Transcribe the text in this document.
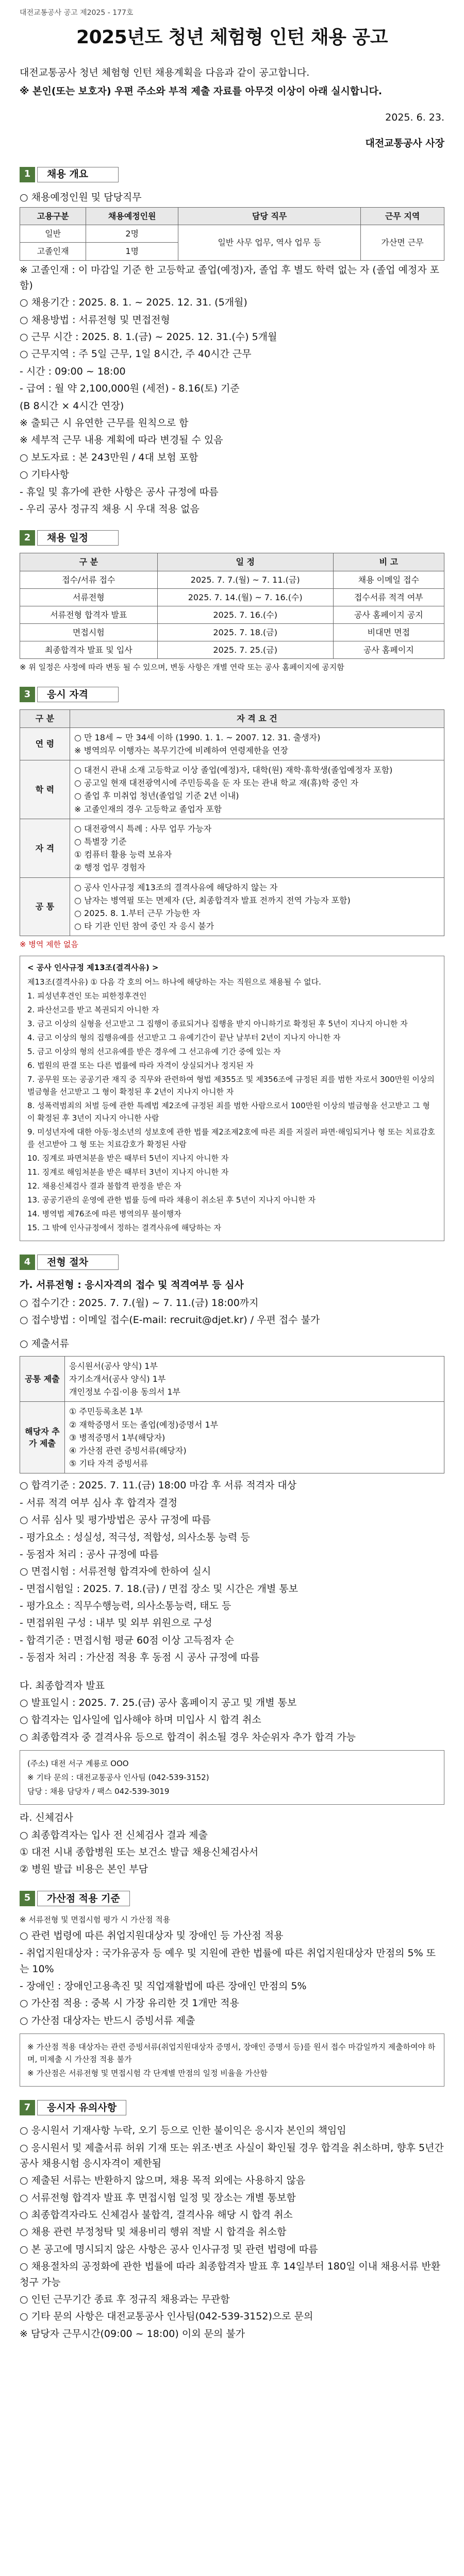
대전교통공사 공고 제2025 - 177호
2025년도 청년 체험형 인턴 채용 공고

대전교통공사 청년 체험형 인턴 채용계획을 다음과 같이 공고합니다.

※ 본인(또는 보호자) 우편 주소와 부적 제출 자료를 아무것 이상이 아래 실시합니다.

2025. 6. 23.
대전교통공사 사장
1	채용 개요

○ 채용예정인원 및 담당직무

고용구분	채용예정인원	담당 직무	근무 지역
일반	2명	일반 사무 업무, 역사 업무 등	가산면 근무
고졸인재	1명		
※ 고졸인재 : 이 마감일 기준 한 고등학교 졸업(예정)자, 졸업 후 별도 학력 없는 자 (졸업 예정자 포함)
○ 채용기간 : 2025. 8. 1. ~ 2025. 12. 31. (5개월)
○ 채용방법 : 서류전형 및 면접전형
○ 근무 시간 : 2025. 8. 1.(금) ~ 2025. 12. 31.(수) 5개월
○ 근무지역 : 주 5일 근무, 1일 8시간, 주 40시간 근무
- 시간 : 09:00 ~ 18:00
- 급여 : 월 약 2,100,000원 (세전) - 8.16(토) 기준
(B 8시간 × 4시간 연장)
※ 출퇴근 시 유연한 근무를 원칙으로 함
※ 세부적 근무 내용 계획에 따라 변경될 수 있음
○ 보도자료 : 본 243만원 / 4대 보험 포함
○ 기타사항
- 휴일 및 휴가에 관한 사항은 공사 규정에 따름
- 우리 공사 정규직 채용 시 우대 적용 없음
2	채용 일정
구 분	일 정	비 고
접수/서류 접수	2025. 7. 7.(월) ~ 7. 11.(금)	채용 이메일 접수
서류전형	2025. 7. 14.(월) ~ 7. 16.(수)	접수서류 적격 여부
서류전형 합격자 발표	2025. 7. 16.(수)	공사 홈페이지 공지
면접시험	2025. 7. 18.(금)	비대면 면접
최종합격자 발표 및 입사	2025. 7. 25.(금)	공사 홈페이지

※ 위 일정은 사정에 따라 변동 될 수 있으며, 변동 사항은 개별 연락 또는 공사 홈페이지에 공지함

3	응시 자격
구 분	자 격 요 건
연 령	○ 만 18세 ~ 만 34세 이하 (1990. 1. 1. ~ 2007. 12. 31. 출생자)
※ 병역의무 이행자는 복무기간에 비례하여 연령제한을 연장

학 력	○ 대전시 관내 소재 고등학교 이상 졸업(예정)자, 대학(원) 재학·휴학생(졸업예정자 포함)
○ 공고일 현재 대전광역시에 주민등록을 둔 자 또는 관내 학교 재(휴)학 중인 자
○ 졸업 후 미취업 청년(졸업일 기준 2년 이내)
※ 고졸인재의 경우 고등학교 졸업자 포함

자 격	○ 대전광역시 특례 : 사무 업무 가능자
○ 특별장 기준
① 컴퓨터 활용 능력 보유자
② 행정 업무 경험자

공 통	○ 공사 인사규정 제13조의 결격사유에 해당하지 않는 자
○ 남자는 병역필 또는 면제자 (단, 최종합격자 발표 전까지 전역 가능자 포함)
○ 2025. 8. 1.부터 근무 가능한 자
○ 타 기관 인턴 참여 중인 자 응시 불가

※ 병역 제한 없음

< 공사 인사규정 제13조(결격사유) >
제13조(결격사유) ① 다음 각 호의 어느 하나에 해당하는 자는 직원으로 채용될 수 없다.
1. 피성년후견인 또는 피한정후견인
2. 파산선고를 받고 복권되지 아니한 자
3. 금고 이상의 실형을 선고받고 그 집행이 종료되거나 집행을 받지 아니하기로 확정된 후 5년이 지나지 아니한 자
4. 금고 이상의 형의 집행유예를 선고받고 그 유예기간이 끝난 날부터 2년이 지나지 아니한 자
5. 금고 이상의 형의 선고유예를 받은 경우에 그 선고유예 기간 중에 있는 자
6. 법원의 판결 또는 다른 법률에 따라 자격이 상실되거나 정지된 자
7. 공무원 또는 공공기관 재직 중 직무와 관련하여 형법 제355조 및 제356조에 규정된 죄를 범한 자로서 300만원 이상의 벌금형을 선고받고 그 형이 확정된 후 2년이 지나지 아니한 자
8. 성폭력범죄의 처벌 등에 관한 특례법 제2조에 규정된 죄를 범한 사람으로서 100만원 이상의 벌금형을 선고받고 그 형이 확정된 후 3년이 지나지 아니한 사람
9. 미성년자에 대한 아동·청소년의 성보호에 관한 법률 제2조제2호에 따른 죄를 저질러 파면·해임되거나 형 또는 치료감호를 선고받아 그 형 또는 치료감호가 확정된 사람
10. 징계로 파면처분을 받은 때부터 5년이 지나지 아니한 자
11. 징계로 해임처분을 받은 때부터 3년이 지나지 아니한 자
12. 채용신체검사 결과 불합격 판정을 받은 자
13. 공공기관의 운영에 관한 법률 등에 따라 채용이 취소된 후 5년이 지나지 아니한 자
14. 병역법 제76조에 따른 병역의무 불이행자
15. 그 밖에 인사규정에서 정하는 결격사유에 해당하는 자
4	전형 절차

가. 서류전형 : 응시자격의 접수 및 적격여부 등 심사

○ 접수기간 : 2025. 7. 7.(월) ~ 7. 11.(금) 18:00까지
○ 접수방법 : 이메일 접수(E-mail: recruit@djet.kr) / 우편 접수 불가
○ 제출서류
공통 제출	응시원서(공사 양식) 1부
자기소개서(공사 양식) 1부
개인정보 수집·이용 동의서 1부

해당자 추가 제출	① 주민등록초본 1부
② 재학증명서 또는 졸업(예정)증명서 1부
③ 병적증명서 1부(해당자)
④ 가산점 관련 증빙서류(해당자)
⑤ 기타 자격 증빙서류
○ 합격기준 : 2025. 7. 11.(금) 18:00 마감 후 서류 적격자 대상
- 서류 적격 여부 심사 후 합격자 결정
○ 서류 심사 및 평가방법은 공사 규정에 따름
- 평가요소 : 성실성, 적극성, 적합성, 의사소통 능력 등
- 동점자 처리 : 공사 규정에 따름
○ 면접시험 : 서류전형 합격자에 한하여 실시
- 면접시험일 : 2025. 7. 18.(금) / 면접 장소 및 시간은 개별 통보
- 평가요소 : 직무수행능력, 의사소통능력, 태도 등
- 면접위원 구성 : 내부 및 외부 위원으로 구성
- 합격기준 : 면접시험 평균 60점 이상 고득점자 순
- 동점자 처리 : 가산점 적용 후 동점 시 공사 규정에 따름
다. 최종합격자 발표
○ 발표일시 : 2025. 7. 25.(금) 공사 홈페이지 공고 및 개별 통보
○ 합격자는 입사일에 입사해야 하며 미입사 시 합격 취소
○ 최종합격자 중 결격사유 등으로 합격이 취소될 경우 차순위자 추가 합격 가능
(주소) 대전 서구 계룡로 OOO
※ 기타 문의 : 대전교통공사 인사팀 (042-539-3152)
담당 : 채용 담당자 / 팩스 042-539-3019
라. 신체검사
○ 최종합격자는 입사 전 신체검사 결과 제출
① 대전 시내 종합병원 또는 보건소 발급 채용신체검사서
② 병원 발급 비용은 본인 부담
5	가산점 적용 기준

※ 서류전형 및 면접시험 평가 시 가산점 적용

○ 관련 법령에 따른 취업지원대상자 및 장애인 등 가산점 적용

- 취업지원대상자 : 국가유공자 등 예우 및 지원에 관한 법률에 따른 취업지원대상자 만점의 5% 또는 10%
- 장애인 : 장애인고용촉진 및 직업재활법에 따른 장애인 만점의 5%
○ 가산점 적용 : 중복 시 가장 유리한 것 1개만 적용
○ 가산점 대상자는 반드시 증빙서류 제출
※ 가산점 적용 대상자는 관련 증빙서류(취업지원대상자 증명서, 장애인 증명서 등)를 원서 접수 마감일까지 제출하여야 하며, 미제출 시 가산점 적용 불가
※ 가산점은 서류전형 및 면접시험 각 단계별 만점의 일정 비율을 가산함
7	응시자 유의사항
○ 응시원서 기재사항 누락, 오기 등으로 인한 불이익은 응시자 본인의 책임임
○ 응시원서 및 제출서류 허위 기재 또는 위조·변조 사실이 확인될 경우 합격을 취소하며, 향후 5년간 공사 채용시험 응시자격이 제한됨
○ 제출된 서류는 반환하지 않으며, 채용 목적 외에는 사용하지 않음
○ 서류전형 합격자 발표 후 면접시험 일정 및 장소는 개별 통보함
○ 최종합격자라도 신체검사 불합격, 결격사유 해당 시 합격 취소
○ 채용 관련 부정청탁 및 채용비리 행위 적발 시 합격을 취소함
○ 본 공고에 명시되지 않은 사항은 공사 인사규정 및 관련 법령에 따름
○ 채용절차의 공정화에 관한 법률에 따라 최종합격자 발표 후 14일부터 180일 이내 채용서류 반환 청구 가능
○ 인턴 근무기간 종료 후 정규직 채용과는 무관함
○ 기타 문의 사항은 대전교통공사 인사팀(042-539-3152)으로 문의
※ 담당자 근무시간(09:00 ~ 18:00) 이외 문의 불가
